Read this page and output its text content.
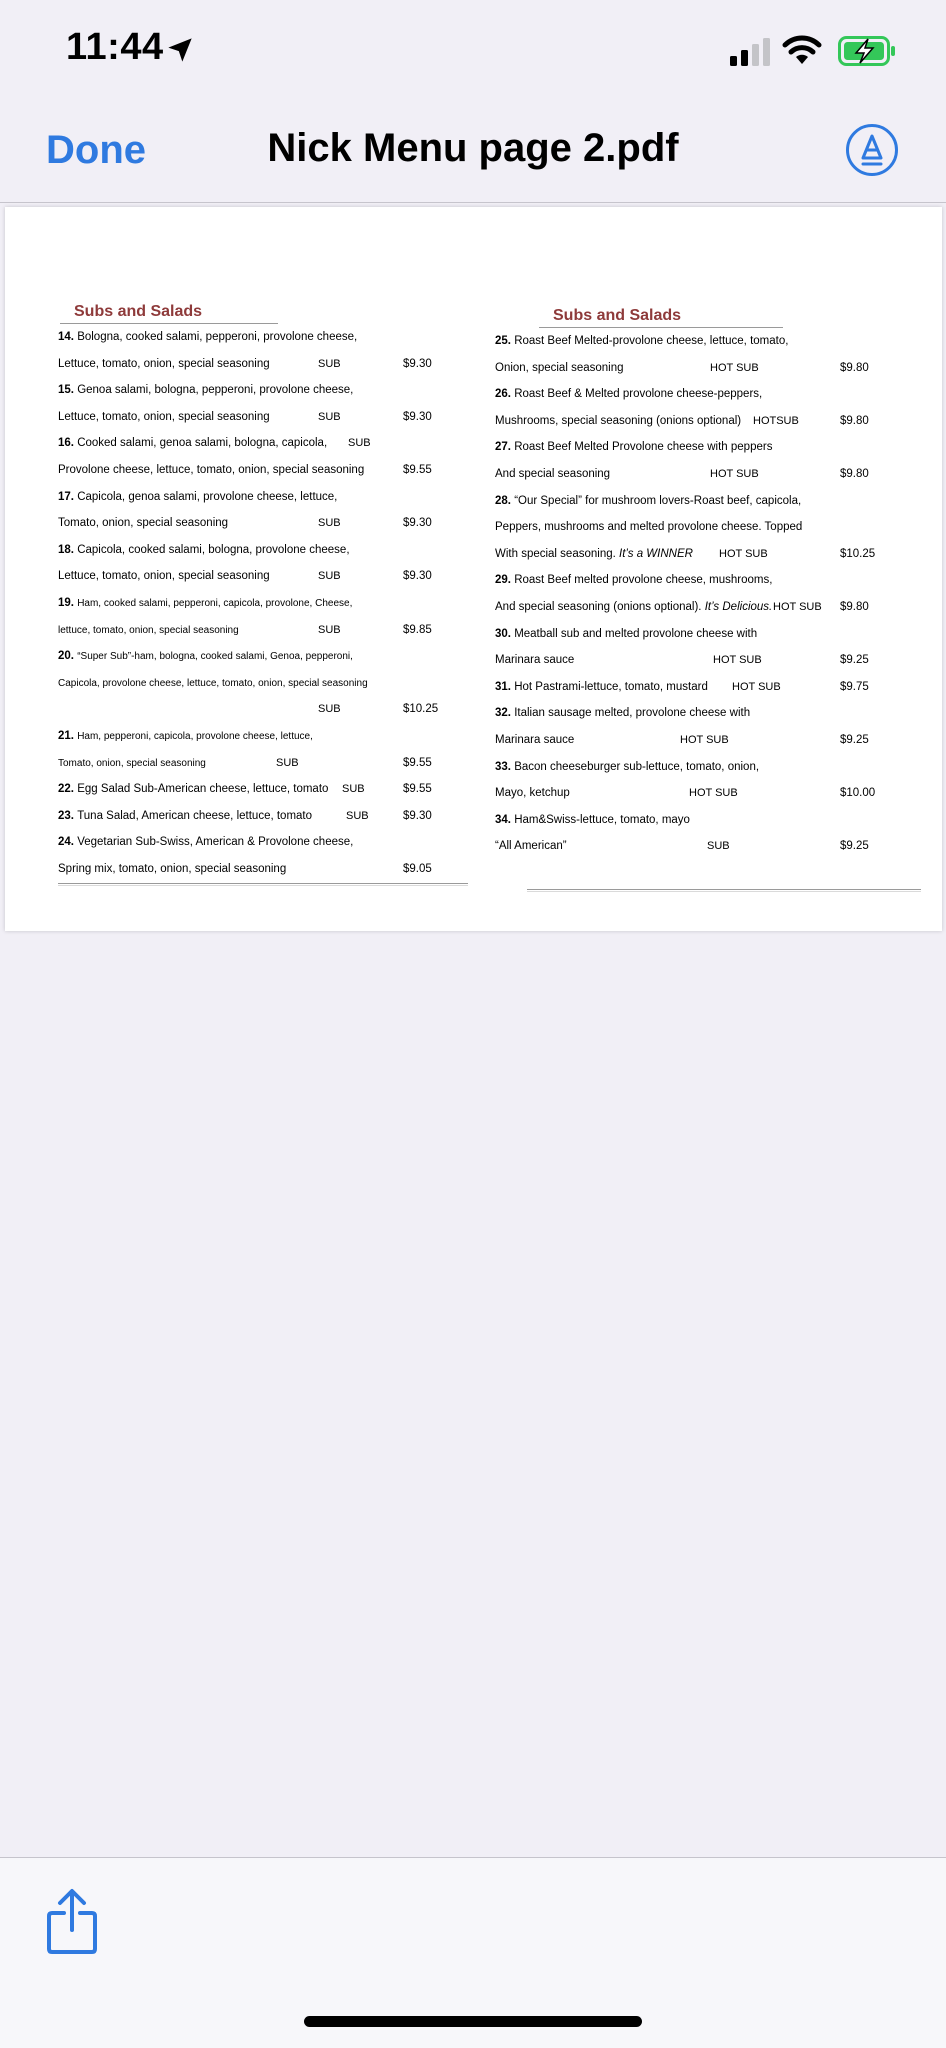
11:44
Done	Nick Menu page 2.pdf
Subs and Salads
14. Bologna, cooked salami, pepperoni, provolone cheese,
Lettuce, tomato, onion, special seasoning	SUB	$9.30
15. Genoa salami, bologna, pepperoni, provolone cheese,
Lettuce, tomato, onion, special seasoning	SUB	$9.30
16. Cooked salami, genoa salami, bologna, capicola, SUB
Provolone cheese, lettuce, tomato, onion, special seasoning	$9.55
17. Capicola, genoa salami, provolone cheese, lettuce,
Tomato, onion, special seasoning	SUB	$9.30
18. Capicola, cooked salami, bologna, provolone cheese,
Lettuce, tomato, onion, special seasoning	SUB	$9.30
19. Ham, cooked salami, pepperoni, capicola, provolone, Cheese,
lettuce, tomato, onion, special seasoning	SUB	$9.85
20. “Super Sub”-ham, bologna, cooked salami, Genoa, pepperoni,
Capicola, provolone cheese, lettuce, tomato, onion, special seasoning
SUB	$10.25
21. Ham, pepperoni, capicola, provolone cheese, lettuce,
Tomato, onion, special seasoning	SUB	$9.55
22. Egg Salad Sub-American cheese, lettuce, tomato SUB	$9.55
23. Tuna Salad, American cheese, lettuce, tomato	SUB	$9.30
24. Vegetarian Sub-Swiss, American & Provolone cheese,
Spring mix, tomato, onion, special seasoning	$9.05
Subs and Salads
25. Roast Beef Melted-provolone cheese, lettuce, tomato,
Onion, special seasoning	HOT SUB	$9.80
26. Roast Beef & Melted provolone cheese-peppers,
Mushrooms, special seasoning (onions optional) HOTSUB	$9.80
27. Roast Beef Melted Provolone cheese with peppers
And special seasoning	HOT SUB	$9.80
28. “Our Special” for mushroom lovers-Roast beef, capicola,
Peppers, mushrooms and melted provolone cheese. Topped
With special seasoning. It’s a WINNER HOT SUB	$10.25
29. Roast Beef melted provolone cheese, mushrooms,
And special seasoning (onions optional). It’s Delicious. HOT SUB $9.80
30. Meatball sub and melted provolone cheese with
Marinara sauce	HOT SUB	$9.25
31. Hot Pastrami-lettuce, tomato, mustard HOT SUB	$9.75
32. Italian sausage melted, provolone cheese with
Marinara sauce	HOT SUB	$9.25
33. Bacon cheeseburger sub-lettuce, tomato, onion,
Mayo, ketchup	HOT SUB	$10.00
34. Ham&Swiss-lettuce, tomato, mayo
“All American”	SUB	$9.25
